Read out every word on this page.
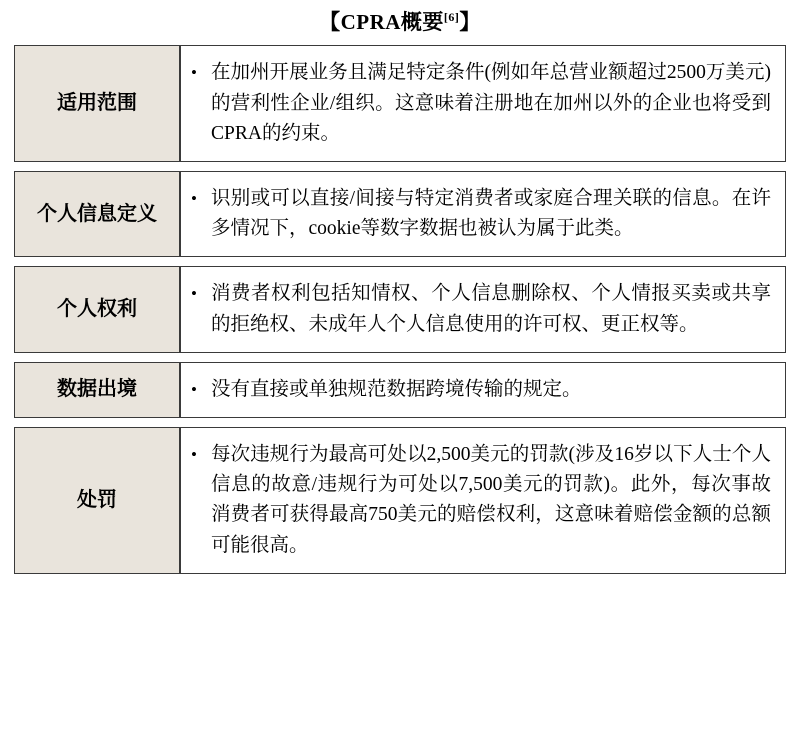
【CPRA概要[6]】
适用范围	• 在加州开展业务且满足特定条件(例如年总营业额超过2500万美元)的营利性企业/组织。这意味着注册地在加州以外的企业也将受到CPRA的约束。

个人信息定义	• 识别或可以直接/间接与特定消费者或家庭合理关联的信息。在许多情况下，cookie等数字数据也被认为属于此类。

个人权利	• 消费者权利包括知情权、个人信息删除权、个人情报买卖或共享的拒绝权、未成年人个人信息使用的许可权、更正权等。

数据出境	• 没有直接或单独规范数据跨境传输的规定。

处罚	• 每次违规行为最高可处以2,500美元的罚款(涉及16岁以下人士个人信息的故意/违规行为可处以7,500美元的罚款)。此外，每次事故消费者可获得最高750美元的赔偿权利，这意味着赔偿金额的总额可能很高。
